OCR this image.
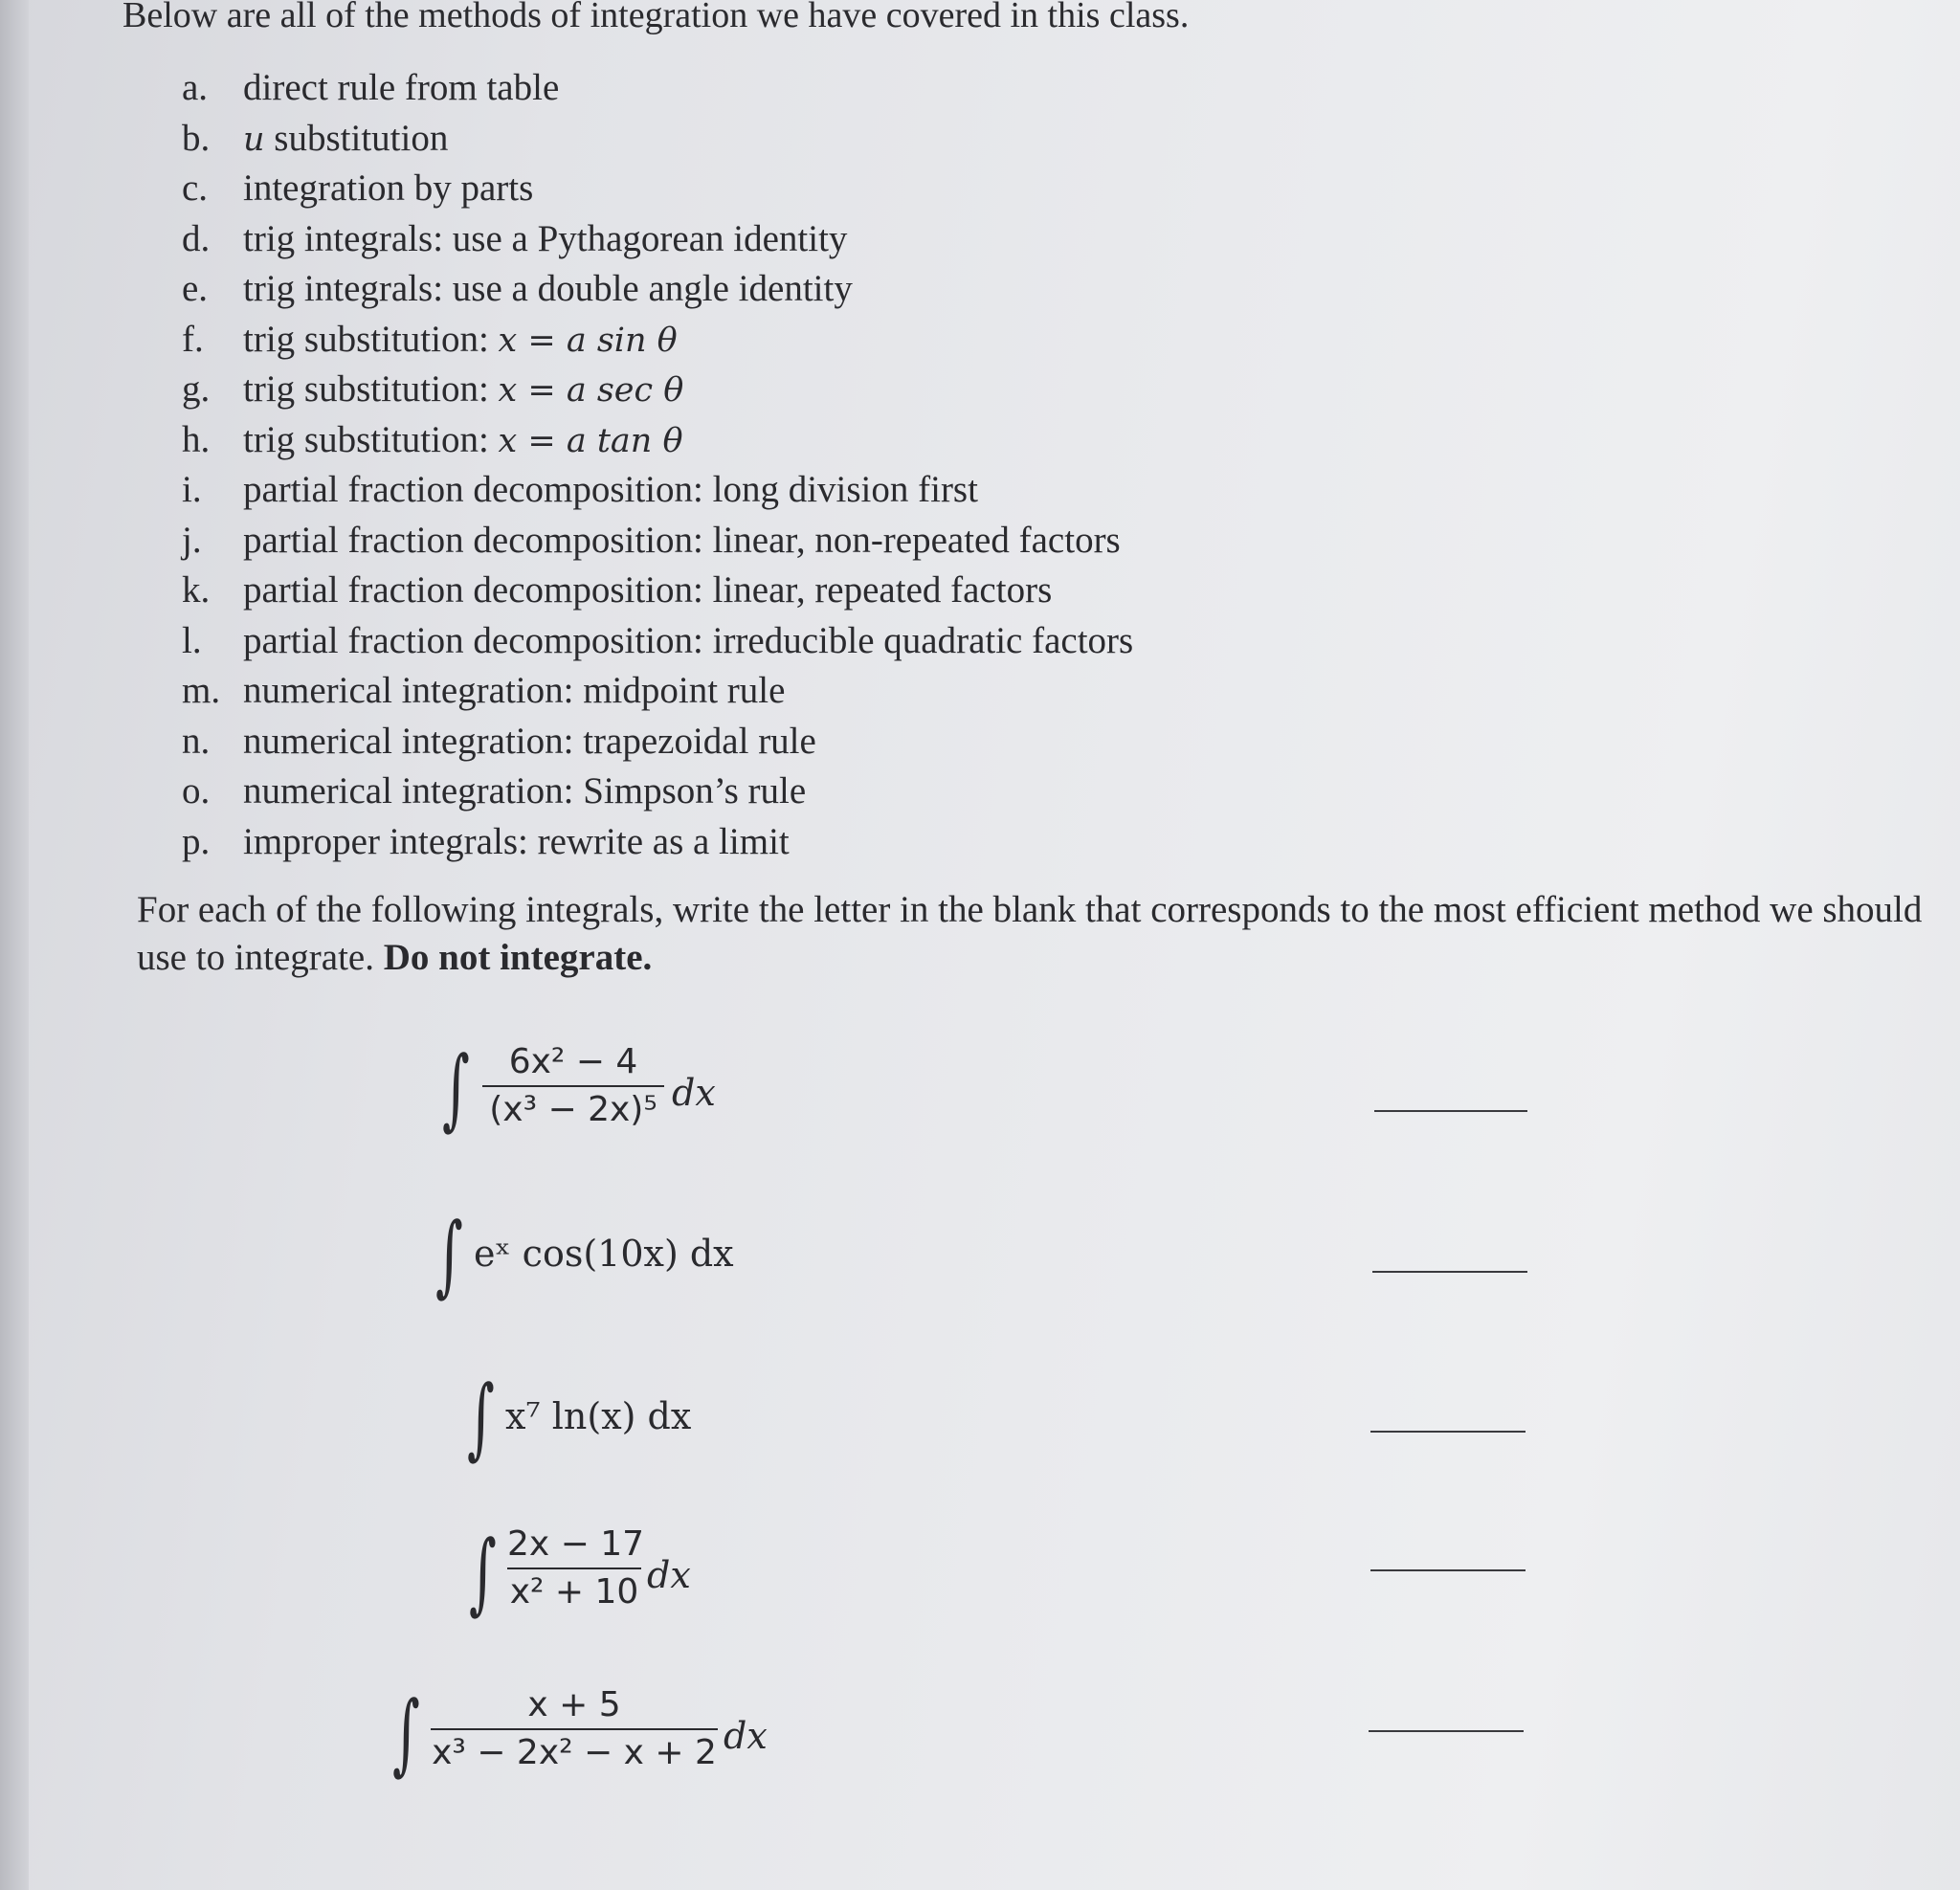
Below are all of the methods of integration we have covered in this class.
a. direct rule from table
b. u substitution
c. integration by parts
d. trig integrals: use a Pythagorean identity
e. trig integrals: use a double angle identity
f. trig substitution: x = a sin θ
g. trig substitution: x = a sec θ
h. trig substitution: x = a tan θ
i. partial fraction decomposition: long division first
j. partial fraction decomposition: linear, non-repeated factors
k. partial fraction decomposition: linear, repeated factors
l. partial fraction decomposition: irreducible quadratic factors
m. numerical integration: midpoint rule
n. numerical integration: trapezoidal rule
o. numerical integration: Simpson’s rule
p. improper integrals: rewrite as a limit
For each of the following integrals, write the letter in the blank that corresponds to the most efficient method we should use to integrate. Do not integrate.
∫	6x² − 4
(x³ − 2x)⁵ dx
∫ eˣ cos(10x) dx
∫ x⁷ ln(x) dx
∫ 2x − 17
x² + 10 dx
∫	x + 5
x³ − 2x² − x + 2 dx
